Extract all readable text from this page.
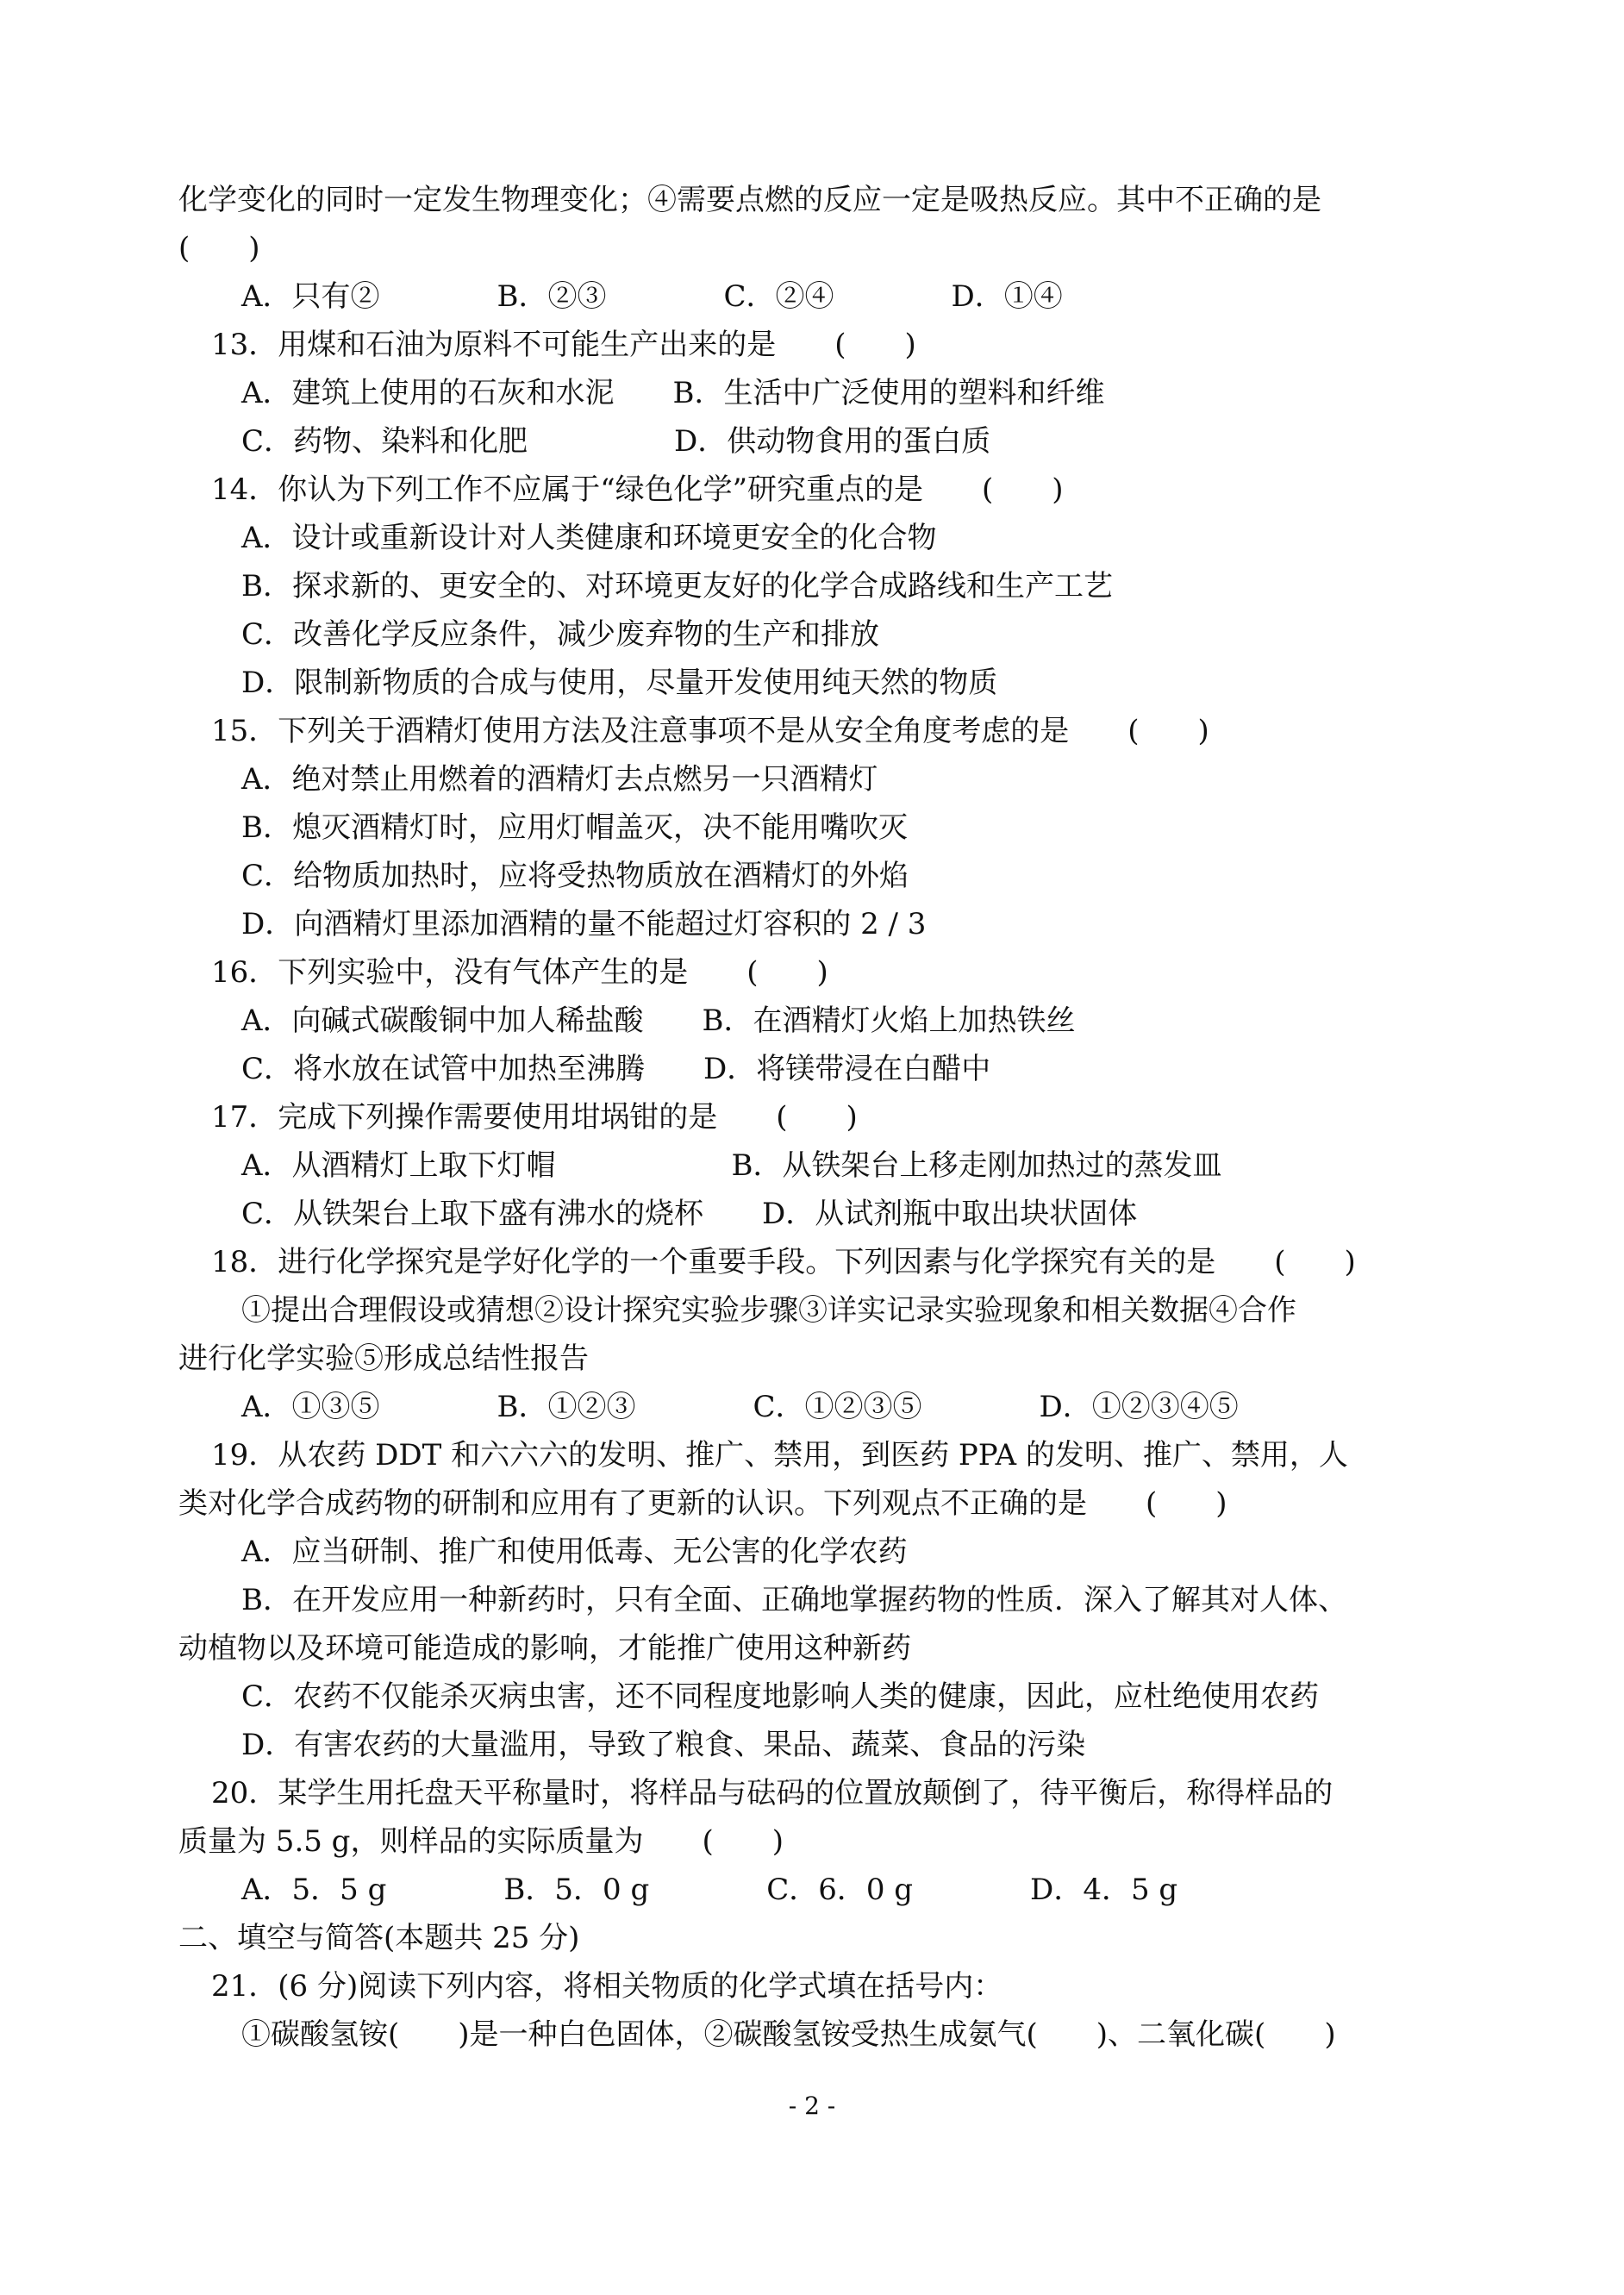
化学变化的同时一定发生物理变化；④需要点燃的反应一定是吸热反应。其中不正确的是
(　　)
A．只有②　　　　B．②③　　　　C．②④　　　　D．①④
13．用煤和石油为原料不可能生产出来的是　　(　　)
A．建筑上使用的石灰和水泥　　B．生活中广泛使用的塑料和纤维
C．药物、染料和化肥　　　　　D．供动物食用的蛋白质
14．你认为下列工作不应属于“绿色化学”研究重点的是　　(　　)
A．设计或重新设计对人类健康和环境更安全的化合物
B．探求新的、更安全的、对环境更友好的化学合成路线和生产工艺
C．改善化学反应条件，减少废弃物的生产和排放
D．限制新物质的合成与使用，尽量开发使用纯天然的物质
15．下列关于酒精灯使用方法及注意事项不是从安全角度考虑的是　　(　　)
A．绝对禁止用燃着的酒精灯去点燃另一只酒精灯
B．熄灭酒精灯时，应用灯帽盖灭，决不能用嘴吹灭
C．给物质加热时，应将受热物质放在酒精灯的外焰
D．向酒精灯里添加酒精的量不能超过灯容积的 2 / 3
16．下列实验中，没有气体产生的是　　(　　)
A．向碱式碳酸铜中加人稀盐酸　　B．在酒精灯火焰上加热铁丝
C．将水放在试管中加热至沸腾　　D．将镁带浸在白醋中
17．完成下列操作需要使用坩埚钳的是　　(　　)
A．从酒精灯上取下灯帽　　　　　　B．从铁架台上移走刚加热过的蒸发皿
C．从铁架台上取下盛有沸水的烧杯　　D．从试剂瓶中取出块状固体
18．进行化学探究是学好化学的一个重要手段。下列因素与化学探究有关的是　　(　　)
①提出合理假设或猜想②设计探究实验步骤③详实记录实验现象和相关数据④合作
进行化学实验⑤形成总结性报告
A．①③⑤　　　　B．①②③　　　　C．①②③⑤　　　　D．①②③④⑤
19．从农药 DDT 和六六六的发明、推广、禁用，到医药 PPA 的发明、推广、禁用，人
类对化学合成药物的研制和应用有了更新的认识。下列观点不正确的是　　(　　)
A．应当研制、推广和使用低毒、无公害的化学农药
B．在开发应用一种新药时，只有全面、正确地掌握药物的性质．深入了解其对人体、
动植物以及环境可能造成的影响，才能推广使用这种新药
C．农药不仅能杀灭病虫害，还不同程度地影响人类的健康，因此，应杜绝使用农药
D．有害农药的大量滥用，导致了粮食、果品、蔬菜、食品的污染
20．某学生用托盘天平称量时，将样品与砝码的位置放颠倒了，待平衡后，称得样品的
质量为 5.5 g，则样品的实际质量为　　(　　)
A．5．5 g　　　　B．5．0 g　　　　C．6．0 g　　　　D．4．5 g
二、填空与简答(本题共 25 分)
21．(6 分)阅读下列内容，将相关物质的化学式填在括号内：
①碳酸氢铵(　　)是一种白色固体，②碳酸氢铵受热生成氨气(　　)、二氧化碳(　　)
- 2 -
